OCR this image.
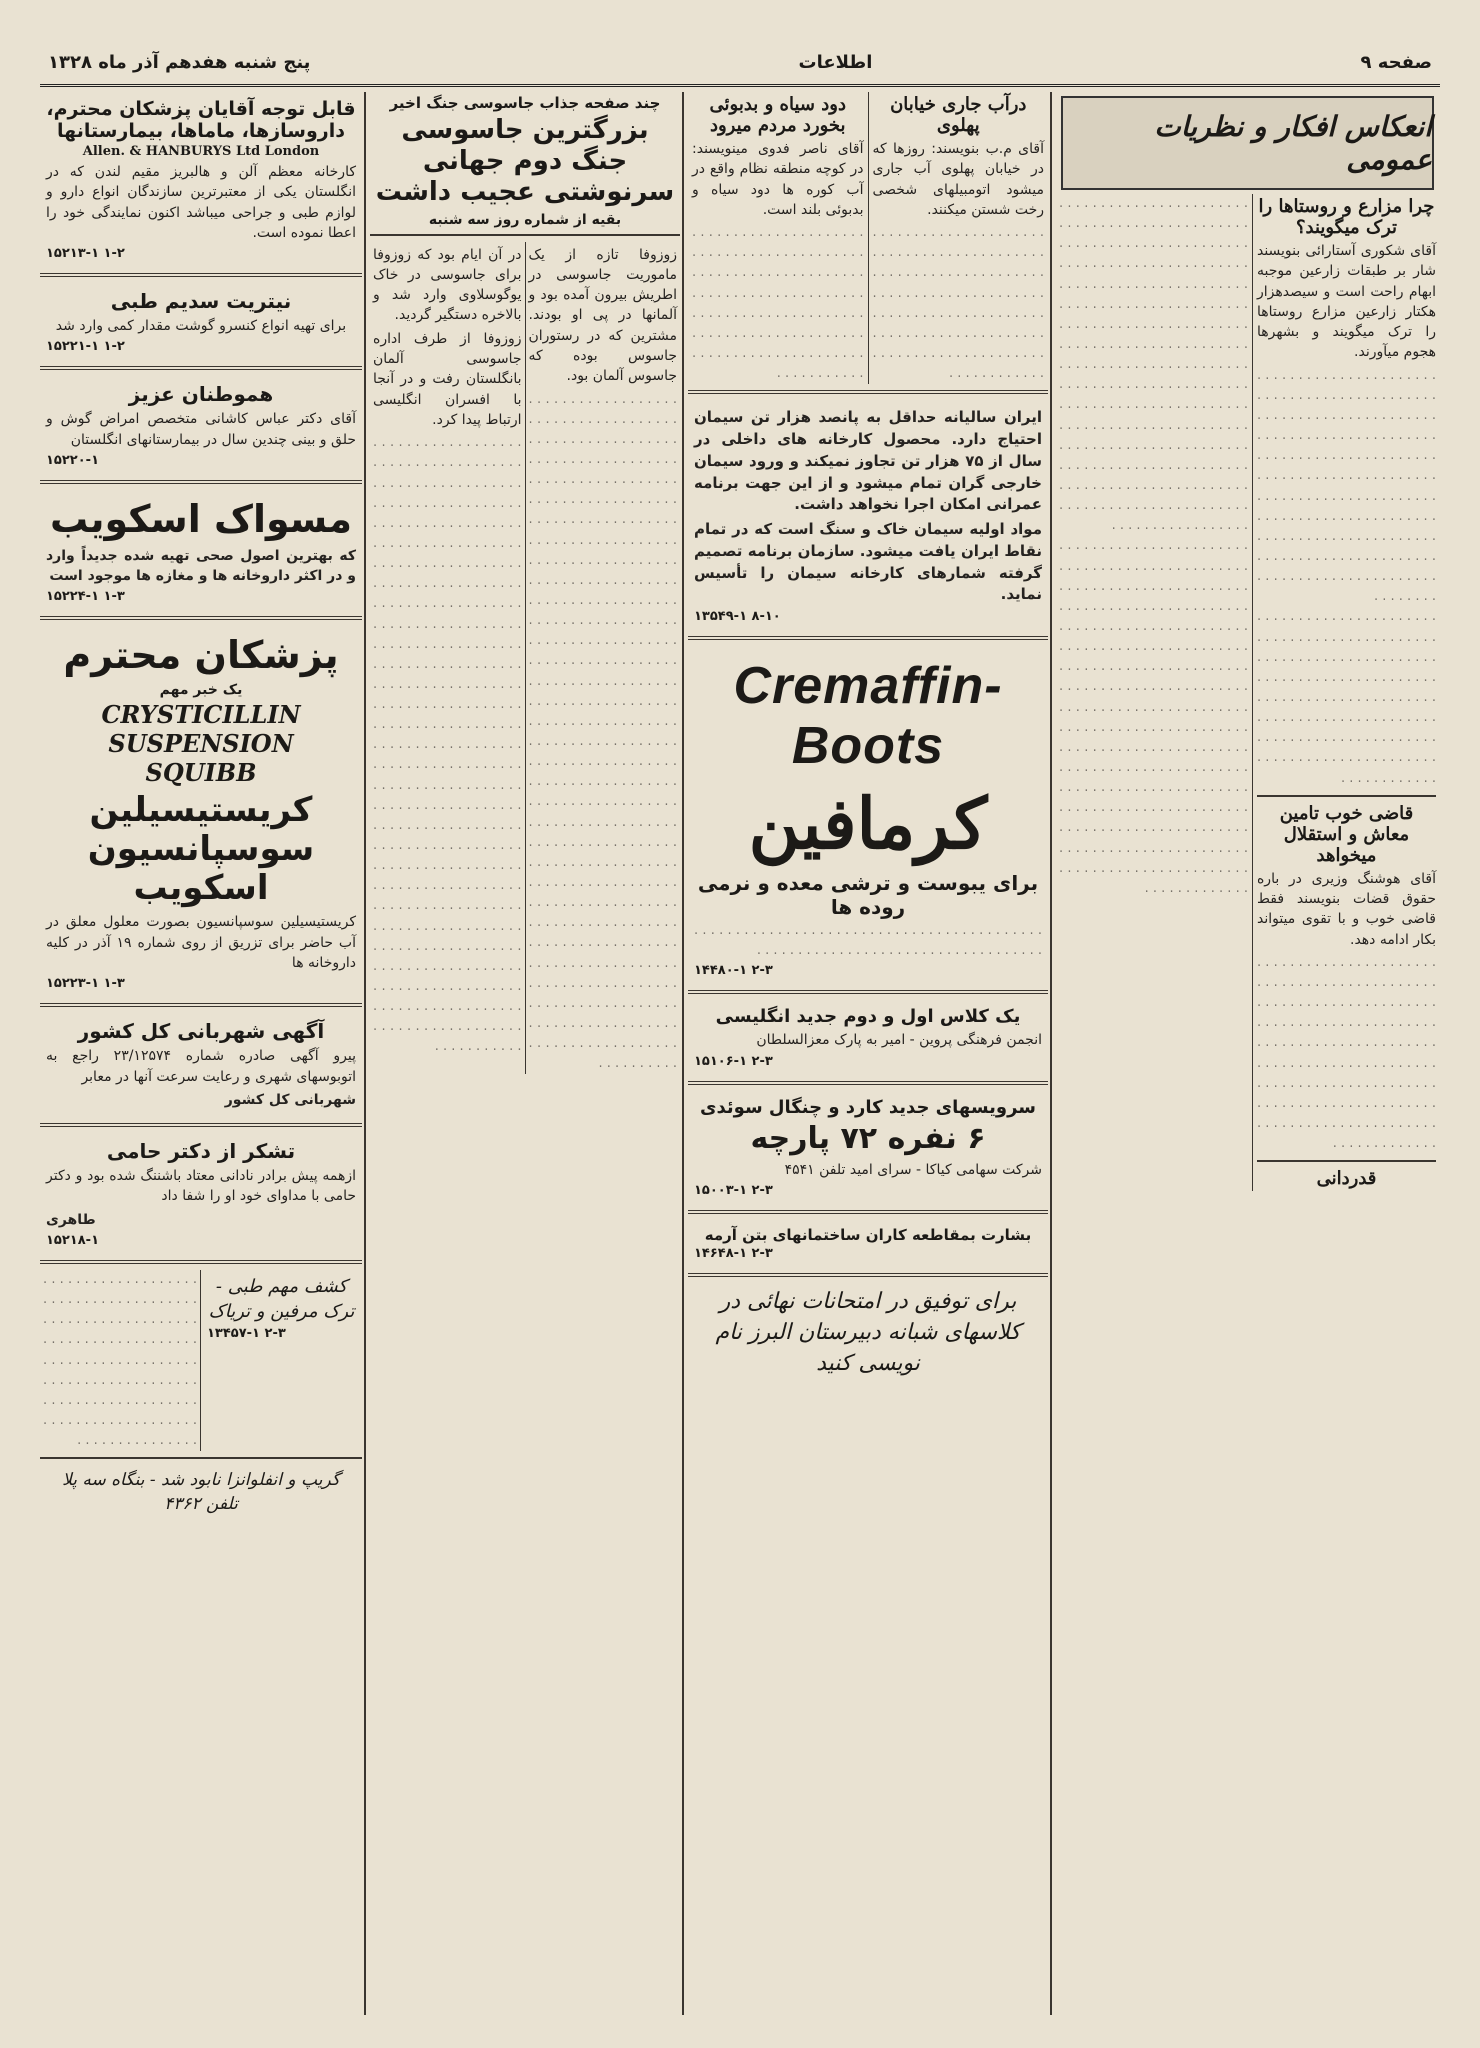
صفحه ۹
اطلاعات
پنج شنبه هفدهم آذر ماه ۱۳۲۸
انعکاس افکار و نظریات عمومی
چرا مزارع و روستاها را ترک میگویند؟

آقای شکوری آستارائی بنویسند شار بر طبقات زارعین موجبه ابهام راحت است و سیصدهزار هکتار زارعین مزارع روستاها را ترک میگویند و بشهرها هجوم میآورند.

. . . . . . . . . . . . . . . . . . . . . . . . . . . . . . . . . . . . . . . . . . . . . . . . . . . . . . . . . . . . . . . . . . . . . . . . . . . . . . . . . . . . . . . . . . . . . . . . . . . . . . . . . . . . . . . . . . . . . . . . . . . . . . . . . . . . . . . . . . . . . . . . . . . . . . . . . . . . . . . . . . . . . . . . . . . . . . . . . . . . . . . . . . . . . . . . . . . . . . . . . . . . . . . . . . . . . . . . . . . . . . . . . . . . . . . . . . . . . . . . . . . . . . . . . .

. . . . . . . . . . . . . . . . . . . . . . . . . . . . . . . . . . . . . . . . . . . . . . . . . . . . . . . . . . . . . . . . . . . . . . . . . . . . . . . . . . . . . . . . . . . . . . . . . . . . . . . . . . . . . . . . . . . . . . . . . . . . . . . . . . . . . . . . . . . . . . . . . . . . . . . . . . . . . . . . . . . . . . . . . . . . . . . . . . . . . . . . . . . .

قاضی خوب تامین معاش و استقلال میخواهد

آقای هوشنگ وزیری در باره حقوق قضات بنویسند فقط قاضی خوب و با تقوی میتواند بکار ادامه دهد.

. . . . . . . . . . . . . . . . . . . . . . . . . . . . . . . . . . . . . . . . . . . . . . . . . . . . . . . . . . . . . . . . . . . . . . . . . . . . . . . . . . . . . . . . . . . . . . . . . . . . . . . . . . . . . . . . . . . . . . . . . . . . . . . . . . . . . . . . . . . . . . . . . . . . . . . . . . . . . . . . . . . . . . . . . . . . . . . . . . . . . . . . . . . . . . . . . . . . . . . . . . . . . . . . . . .

قدردانی

. . . . . . . . . . . . . . . . . . . . . . . . . . . . . . . . . . . . . . . . . . . . . . . . . . . . . . . . . . . . . . . . . . . . . . . . . . . . . . . . . . . . . . . . . . . . . . . . . . . . . . . . . . . . . . . . . . . . . . . . . . . . . . . . . . . . . . . . . . . . . . . . . . . . . . . . . . . . . . . . . . . . . . . . . . . . . . . . . . . . . . . . . . . . . . . . . . . . . . . . . . . . . . . . . . . . . . . . . . . . . . . . . . . . . . . . . . . . . . . . . . . . . . . . . . . . . . . . . . . . . . . . . . . . . . . . . . . . . . . . . . . . . . . . . . . . . . . . . . . . . . . . . . . . . . . . . . . . . . . . . . . . . . . . . . . . . . . . . . . . . . . . . . . . . . . . . . . . . . . . . . . . . . . . . . . . . . . . . . . . . . . . .

. . . . . . . . . . . . . . . . . . . . . . . . . . . . . . . . . . . . . . . . . . . . . . . . . . . . . . . . . . . . . . . . . . . . . . . . . . . . . . . . . . . . . . . . . . . . . . . . . . . . . . . . . . . . . . . . . . . . . . . . . . . . . . . . . . . . . . . . . . . . . . . . . . . . . . . . . . . . . . . . . . . . . . . . . . . . . . . . . . . . . . . . . . . . . . . . . . . . . . . . . . . . . . . . . . . . . . . . . . . . . . . . . . . . . . . . . . . . . . . . . . . . . . . . . . . . . . . . . . . . . . . . . . . . . . . . . . . . . . . . . . . . . . . . . . . . . . . . . . . . . . . . . . . . . . . . . . . . . . . . . . . . . . . . . . . . . . . . . . . . . . . . . . . . . . . . . . . . . . . . . . . . . . . . . . . . . . . . . . . . . . . . . . . . . . . . . . . . . . . . . . . .

درآب جاری خیابان پهلوی

آقای م.ب بنویسند: روزها که در خیابان پهلوی آب جاری میشود اتومبیلهای شخصی رخت شستن میکنند.

. . . . . . . . . . . . . . . . . . . . . . . . . . . . . . . . . . . . . . . . . . . . . . . . . . . . . . . . . . . . . . . . . . . . . . . . . . . . . . . . . . . . . . . . . . . . . . . . . . . . . . . . . . . . . . . . . . . . . . . . . . . . . . . . . . . . . . . . . . . . . . . . . . . . . . . . . . . . . . .

دود سیاه و بدبوئی بخورد مردم میرود

آقای ناصر فدوی مینویسند: در کوچه منطقه نظام واقع در آب کوره ها دود سیاه و بدبوئی بلند است.

. . . . . . . . . . . . . . . . . . . . . . . . . . . . . . . . . . . . . . . . . . . . . . . . . . . . . . . . . . . . . . . . . . . . . . . . . . . . . . . . . . . . . . . . . . . . . . . . . . . . . . . . . . . . . . . . . . . . . . . . . . . . . . . . . . . . . . . . . . . . . . . . . . . . . . . . . . . . . .

ایران سالیانه حداقل به پانصد هزار تن سیمان احتیاج دارد. محصول کارخانه های داخلی در سال از ۷۵ هزار تن تجاوز نمیکند و ورود سیمان خارجی گران تمام میشود و از این جهت برنامه عمرانی امکان اجرا نخواهد داشت.

مواد اولیه سیمان خاک و سنگ است که در تمام نقاط ایران یافت میشود. سازمان برنامه تصمیم گرفته شمارهای کارخانه سیمان را تأسیس نماید.

۱۳۵۴۹-۱ ۸-۱۰

Cremaffin-Boots
کرمافین
برای یبوست و ترشی معده و نرمی روده ها

. . . . . . . . . . . . . . . . . . . . . . . . . . . . . . . . . . . . . . . . . . . . . . . . . . . . . . . . . . . . . . . . . . . . . . . . . . . . .

۱۴۴۸۰-۱ ۲-۳

یک کلاس اول و دوم جدید انگلیسی

انجمن فرهنگی پروین - امیر به پارک معزالسلطان

۱۵۱۰۶-۱ ۲-۳

سرویسهای جدید کارد و چنگال سوئدی
۶ نفره ۷۲ پارچه

شرکت سهامی کیاکا - سرای امید تلفن ۴۵۴۱

۱۵۰۰۳-۱ ۲-۳

بشارت بمقاطعه کاران ساختمانهای بتن آرمه

۱۴۶۴۸-۱ ۲-۳

برای توفیق در امتحانات نهائی در کلاسهای شبانه دبیرستان البرز نام نویسی کنید
چند صفحه جذاب جاسوسی جنگ اخیر
بزرگترین جاسوسی جنگ دوم جهانی سرنوشتی عجیب داشت
بقیه از شماره روز سه شنبه

زوزوفا تازه از یک ماموریت جاسوسی در اطریش بیرون آمده بود و آلمانها در پی او بودند. مشترین که در رستوران جاسوس بوده که جاسوس آلمان بود.

. . . . . . . . . . . . . . . . . . . . . . . . . . . . . . . . . . . . . . . . . . . . . . . . . . . . . . . . . . . . . . . . . . . . . . . . . . . . . . . . . . . . . . . . . . . . . . . . . . . . . . . . . . . . . . . . . . . . . . . . . . . . . . . . . . . . . . . . . . . . . . . . . . . . . . . . . . . . . . . . . . . . . . . . . . . . . . . . . . . . . . . . . . . . . . . . . . . . . . . . . . . . . . . . . . . . . . . . . . . . . . . . . . . . . . . . . . . . . . . . . . . . . . . . . . . . . . . . . . . . . . . . . . . . . . . . . . . . . . . . . . . . . . . . . . . . . . . . . . . . . . . . . . . . . . . . . . . . . . . . . . . . . . . . . . . . . . . . . . . . . . . . . . . . . . . . . . . . . . . . . . . . . . . . . . . . . . . . . . . . . . . . . . . . . . . . . . . . . . . . . . . . . . . . . . . . . . . . . . . . . . . . . . . . . . . . . . . . . . . . . . . . . . . . . . . . . . . . . . . . . . . . . . . . . . . . . . . . . . . . . . . . . . . . . . . . . . . . . . . . . . . . . . . . . . . . . . . . . . . . . . . . . . . . . . . . . . . . . . . . . . . . . . . . . . . . . . . . . . . . . . . . . . . . . . . . . . . . . . . . . . . . . . . . . . . . . . . . . . . . . . . .

در آن ایام بود که زوزوفا برای جاسوسی در خاک یوگوسلاوی وارد شد و بالاخره دستگیر گردید.

زوزوفا از طرف اداره جاسوسی آلمان بانگلستان رفت و در آنجا با افسران انگلیسی ارتباط پیدا کرد.

. . . . . . . . . . . . . . . . . . . . . . . . . . . . . . . . . . . . . . . . . . . . . . . . . . . . . . . . . . . . . . . . . . . . . . . . . . . . . . . . . . . . . . . . . . . . . . . . . . . . . . . . . . . . . . . . . . . . . . . . . . . . . . . . . . . . . . . . . . . . . . . . . . . . . . . . . . . . . . . . . . . . . . . . . . . . . . . . . . . . . . . . . . . . . . . . . . . . . . . . . . . . . . . . . . . . . . . . . . . . . . . . . . . . . . . . . . . . . . . . . . . . . . . . . . . . . . . . . . . . . . . . . . . . . . . . . . . . . . . . . . . . . . . . . . . . . . . . . . . . . . . . . . . . . . . . . . . . . . . . . . . . . . . . . . . . . . . . . . . . . . . . . . . . . . . . . . . . . . . . . . . . . . . . . . . . . . . . . . . . . . . . . . . . . . . . . . . . . . . . . . . . . . . . . . . . . . . . . . . . . . . . . . . . . . . . . . . . . . . . . . . . . . . . . . . . . . . . . . . . . . . . . . . . . . . . . . . . . . . . . . . . . . . . . . . . . . . . . . . . . . . . . . . . . . . . . . . . . . . . . . . . . . . . . . . . . . . . . . . . . . . . . . . . . . .

قابل توجه آقایان پزشکان محترم، داروسازها، ماماها، بیمارستانها
Allen. & HANBURYS Ltd London

کارخانه معظم آلن و هالبریز مقیم لندن که در انگلستان یکی از معتبرترین سازندگان انواع دارو و لوازم طبی و جراحی میباشد اکنون نمایندگی خود را اعطا نموده است.

۱۵۲۱۳-۱ ۱-۲

نیتریت سدیم طبی

برای تهیه انواع کنسرو گوشت مقدار کمی وارد شد

۱۵۲۲۱-۱ ۱-۲

هموطنان عزیز

آقای دکتر عباس کاشانی متخصص امراض گوش و حلق و بینی چندین سال در بیمارستانهای انگلستان

۱۵۲۲۰-۱

مسواک اسکویب

که بهترین اصول صحی تهیه شده جدیداً وارد و در اکثر داروخانه ها و مغازه ها موجود است

۱۵۲۲۴-۱ ۱-۳

پزشکان محترم
یک خبر مهم
CRYSTICILLIN SUSPENSION
SQUIBB
کریستیسیلین سوسپانسیون اسکویب

کریستیسیلین سوسپانسیون بصورت معلول معلق در آب حاضر برای تزریق از روی شماره ۱۹ آذر در کلیه داروخانه ها

۱۵۲۲۳-۱ ۱-۳

آگهی شهربانی کل کشور

پیرو آگهی صادره شماره ۲۳/۱۲۵۷۴ راجع به اتوبوسهای شهری و رعایت سرعت آنها در معابر

شهربانی کل کشور

تشکر از دکتر حامی

ازهمه پیش برادر نادانی معتاد باشننگ شده بود و دکتر حامی با مداوای خود او را شفا داد

طاهری

۱۵۲۱۸-۱

کشف مهم طبی - ترک مرفین و تریاک

۱۳۴۵۷-۱ ۲-۳

. . . . . . . . . . . . . . . . . . . . . . . . . . . . . . . . . . . . . . . . . . . . . . . . . . . . . . . . . . . . . . . . . . . . . . . . . . . . . . . . . . . . . . . . . . . . . . . . . . . . . . . . . . . . . . . . . . . . . . . . . . . . . . . . . . . . . . . . . . . . . . . . . . . . . . . . . . . . . . . . . . . . . . .

گریپ و انفلوانزا نابود شد - بنگاه سه پلا تلفن ۴۳۶۲
